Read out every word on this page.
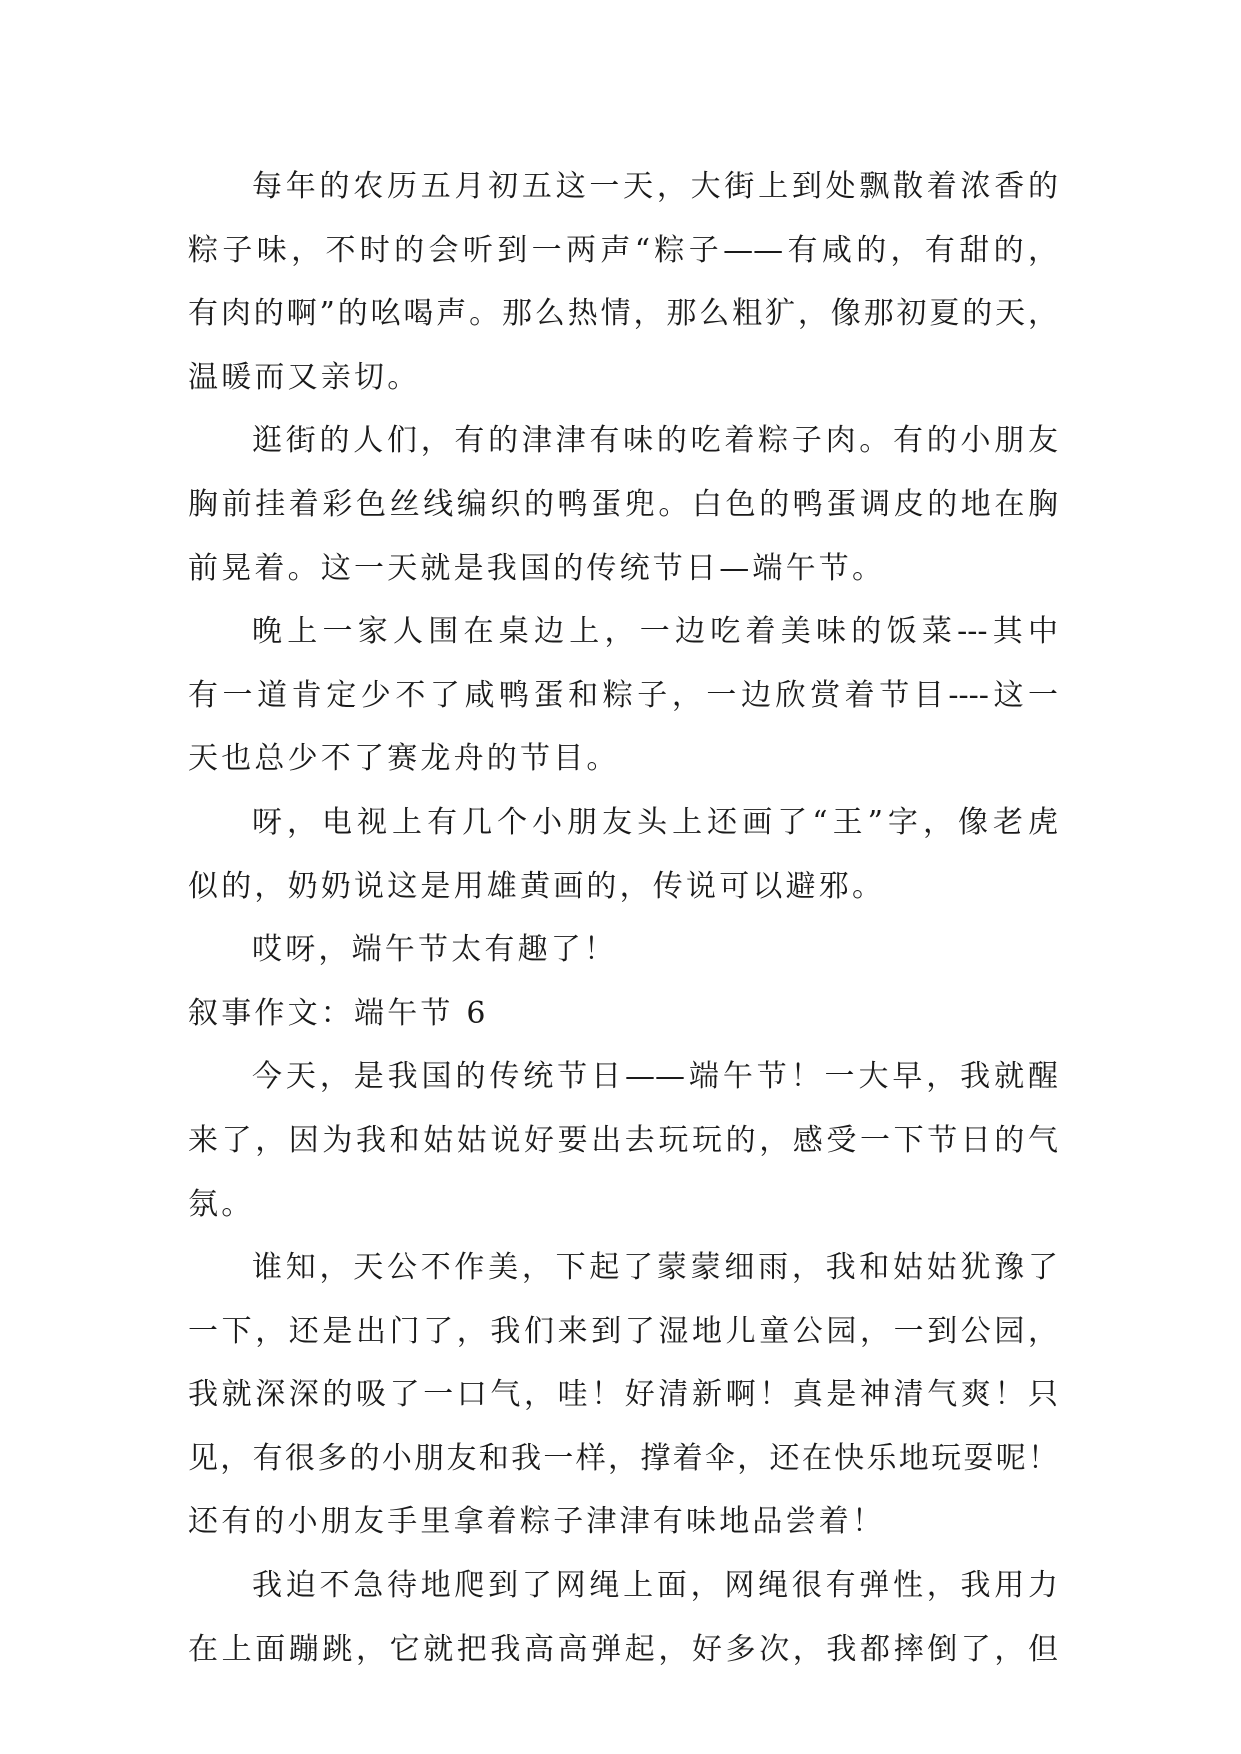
每年的农历五月初五这一天，大街上到处飘散着浓香的
粽子味，不时的会听到一两声“粽子——有咸的，有甜的，
有肉的啊”的吆喝声。那么热情，那么粗犷，像那初夏的天，
温暖而又亲切。
逛街的人们，有的津津有味的吃着粽子肉。有的小朋友
胸前挂着彩色丝线编织的鸭蛋兜。白色的鸭蛋调皮的地在胸
前晃着。这一天就是我国的传统节日—端午节。
晚上一家人围在桌边上，一边吃着美味的饭菜---其中
有一道肯定少不了咸鸭蛋和粽子，一边欣赏着节目----这一
天也总少不了赛龙舟的节目。
呀，电视上有几个小朋友头上还画了“王”字，像老虎
似的，奶奶说这是用雄黄画的，传说可以避邪。
哎呀，端午节太有趣了！
叙事作文：端午节 6
今天，是我国的传统节日——端午节！一大早，我就醒
来了，因为我和姑姑说好要出去玩玩的，感受一下节日的气
氛。
谁知，天公不作美，下起了蒙蒙细雨，我和姑姑犹豫了
一下，还是出门了，我们来到了湿地儿童公园，一到公园，
我就深深的吸了一口气，哇！好清新啊！真是神清气爽！只
见，有很多的小朋友和我一样，撑着伞，还在快乐地玩耍呢！
还有的小朋友手里拿着粽子津津有味地品尝着！
我迫不急待地爬到了网绳上面，网绳很有弹性，我用力
在上面蹦跳，它就把我高高弹起，好多次，我都摔倒了，但
